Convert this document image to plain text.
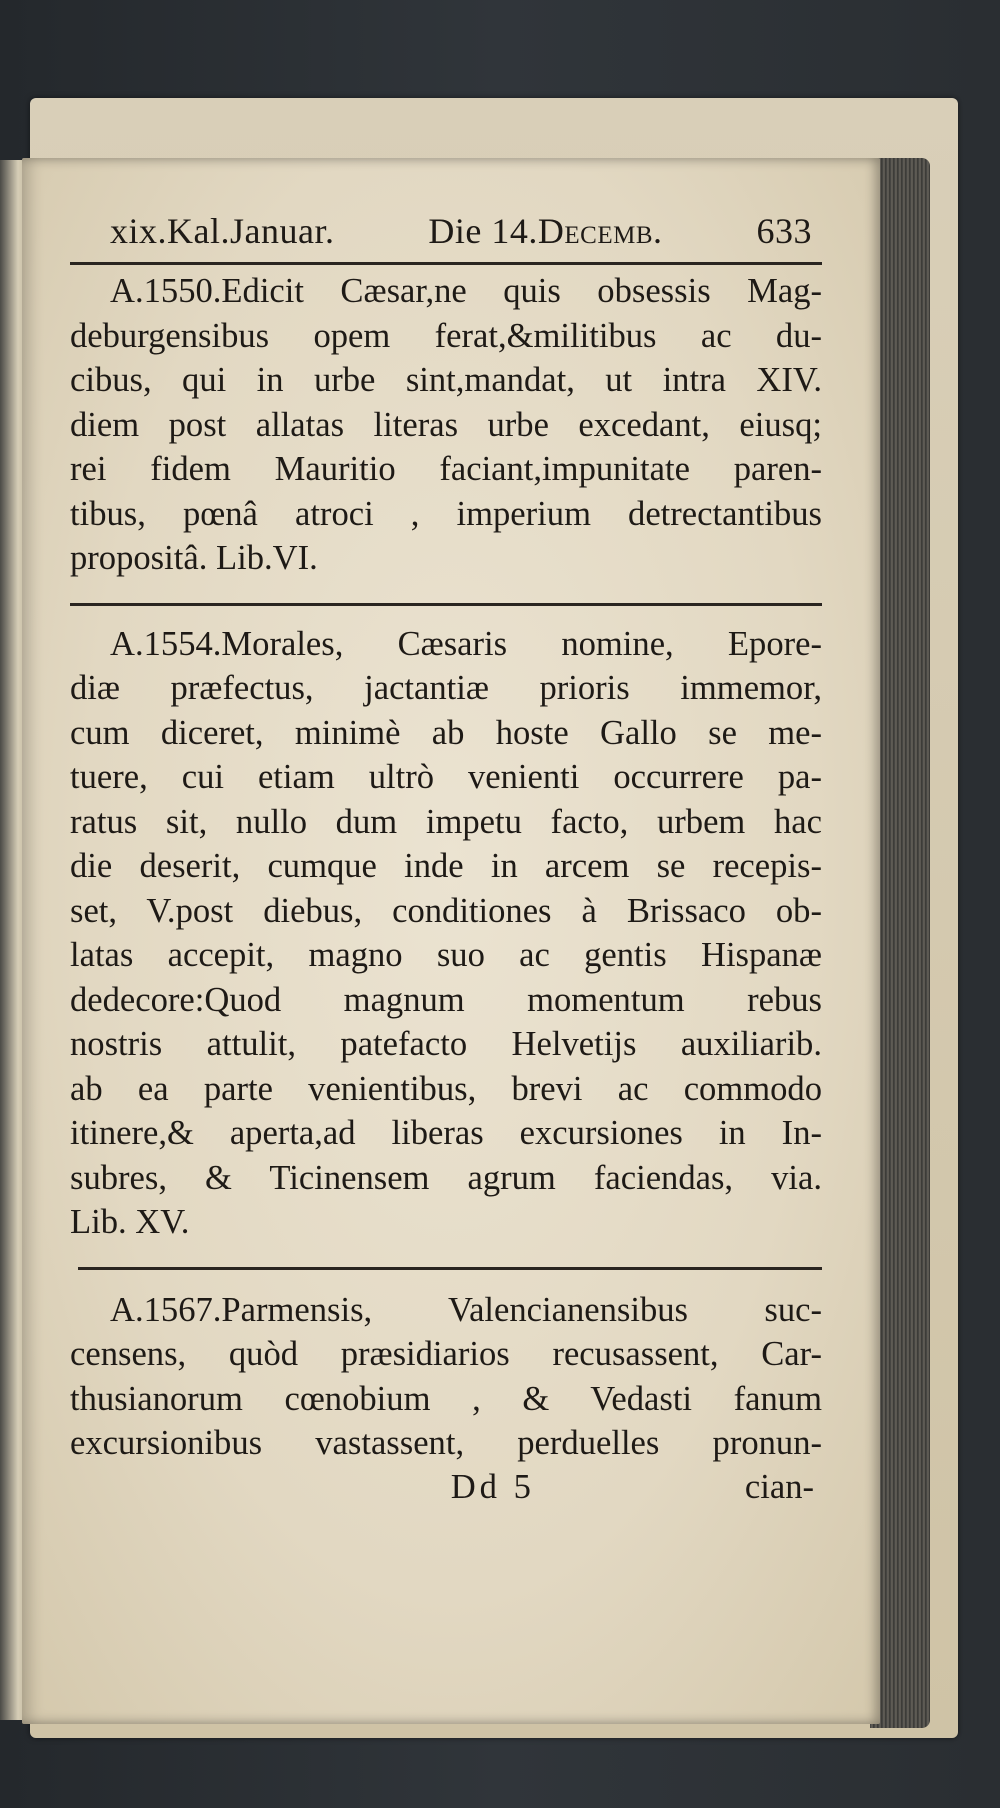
xix.Kal.Januar.	Die 14.Decemb.	633

A.1550.Edicit Cæsar,ne quis obsessis Mag-
deburgensibus opem ferat,&militibus ac du-
cibus, qui in urbe sint,mandat, ut intra XIV.
diem post allatas literas urbe excedant, eiusq;
rei fidem Mauritio faciant,impunitate paren-
tibus, pœnâ atroci , imperium detrectantibus
propositâ. Lib.VI.

A.1554.Morales, Cæsaris nomine, Epore-
diæ præfectus, jactantiæ prioris immemor,
cum diceret, minimè ab hoste Gallo se me-
tuere, cui etiam ultrò venienti occurrere pa-
ratus sit, nullo dum impetu facto, urbem hac
die deserit, cumque inde in arcem se recepis-
set, V.post diebus, conditiones à Brissaco ob-
latas accepit, magno suo ac gentis Hispanæ
dedecore:Quod magnum momentum rebus
nostris attulit, patefacto Helvetijs auxiliarib.
ab ea parte venientibus, brevi ac commodo
itinere,& aperta,ad liberas excursiones in In-
subres, & Ticinensem agrum faciendas, via.
Lib. XV.

A.1567.Parmensis, Valencianensibus suc-
censens, quòd præsidiarios recusassent, Car-
thusianorum cœnobium , & Vedasti fanum
excursionibus vastassent, perduelles pronun-

Dd 5	cian-
